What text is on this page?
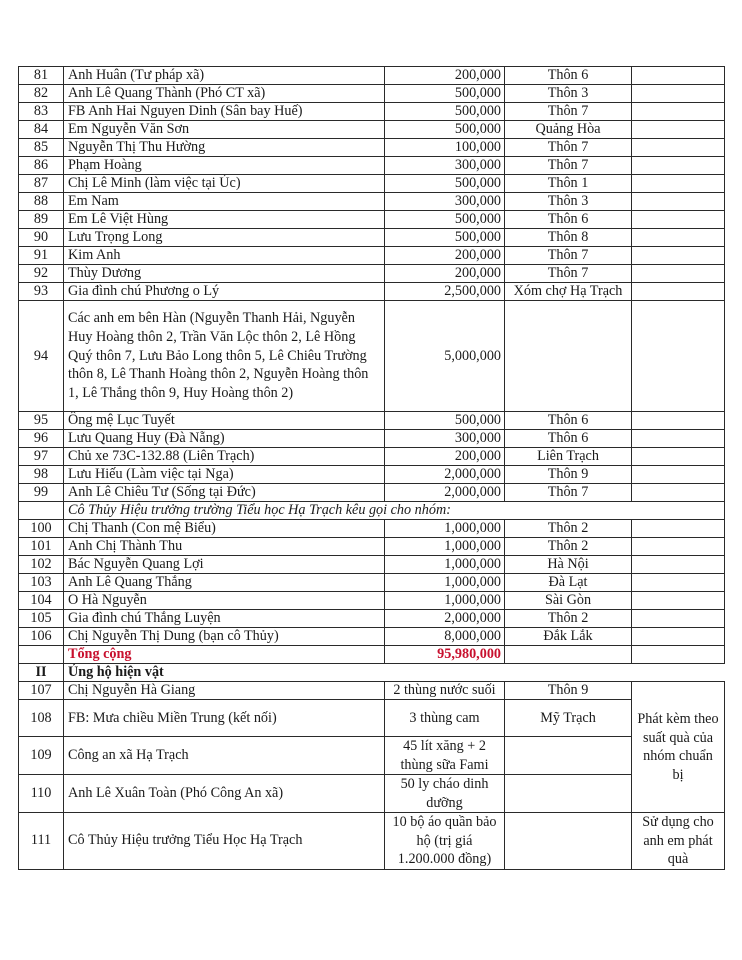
81	Anh Huân (Tư pháp xã)	200,000	Thôn 6	
82	Anh Lê Quang Thành (Phó CT xã)	500,000	Thôn 3	
83	FB Anh Hai Nguyen Dinh (Sân bay Huế)	500,000	Thôn 7	
84	Em Nguyễn Văn Sơn	500,000	Quảng Hòa	
85	Nguyễn Thị Thu Hường	100,000	Thôn 7	
86	Phạm Hoàng	300,000	Thôn 7	
87	Chị Lê Minh (làm việc tại Úc)	500,000	Thôn 1	
88	Em Nam	300,000	Thôn 3	
89	Em Lê Việt Hùng	500,000	Thôn 6	
90	Lưu Trọng Long	500,000	Thôn 8	
91	Kim Anh	200,000	Thôn 7	
92	Thùy Dương	200,000	Thôn 7	
93	Gia đình chú Phương o Lý	2,500,000	Xóm chợ Hạ Trạch	
94	Các anh em bên Hàn (Nguyễn Thanh Hải, Nguyễn Huy Hoàng thôn 2, Trần Văn Lộc thôn 2, Lê Hồng Quý thôn 7, Lưu Bảo Long thôn 5, Lê Chiêu Trường thôn 8, Lê Thanh Hoàng thôn 2, Nguyễn Hoàng thôn 1, Lê Thắng thôn 9, Huy Hoàng thôn 2)	5,000,000		
95	Ông mệ Lục Tuyết	500,000	Thôn 6	
96	Lưu Quang Huy (Đà Nẵng)	300,000	Thôn 6	
97	Chủ xe 73C-132.88 (Liên Trạch)	200,000	Liên Trạch	
98	Lưu Hiếu (Làm việc tại Nga)	2,000,000	Thôn 9	
99	Anh Lê Chiêu Tư (Sống tại Đức)	2,000,000	Thôn 7	
	Cô Thủy Hiệu trưởng trường Tiểu học Hạ Trạch kêu gọi cho nhóm:			
100	Chị Thanh (Con mệ Biểu)	1,000,000	Thôn 2	
101	Anh Chị Thành Thu	1,000,000	Thôn 2	
102	Bác Nguyễn Quang Lợi	1,000,000	Hà Nội	
103	Anh Lê Quang Thắng	1,000,000	Đà Lạt	
104	O Hà Nguyễn	1,000,000	Sài Gòn	
105	Gia đình chú Thắng Luyện	2,000,000	Thôn 2	
106	Chị Nguyễn Thị Dung (bạn cô Thủy)	8,000,000	Đắk Lắk	
	Tổng cộng	95,980,000		
II	Ủng hộ hiện vật			
107	Chị Nguyễn Hà Giang	2 thùng nước suối	Thôn 9	Phát kèm theo suất quà của nhóm chuẩn bị
108	FB: Mưa chiều Miền Trung (kết nối)	3 thùng cam	Mỹ Trạch	
109	Công an xã Hạ Trạch	45 lít xăng + 2 thùng sữa Fami		
110	Anh Lê Xuân Toàn (Phó Công An xã)	50 ly cháo dinh dưỡng		
111	Cô Thủy Hiệu trưởng Tiểu Học Hạ Trạch	10 bộ áo quần bảo hộ (trị giá 1.200.000 đồng)		Sử dụng cho anh em phát quà
